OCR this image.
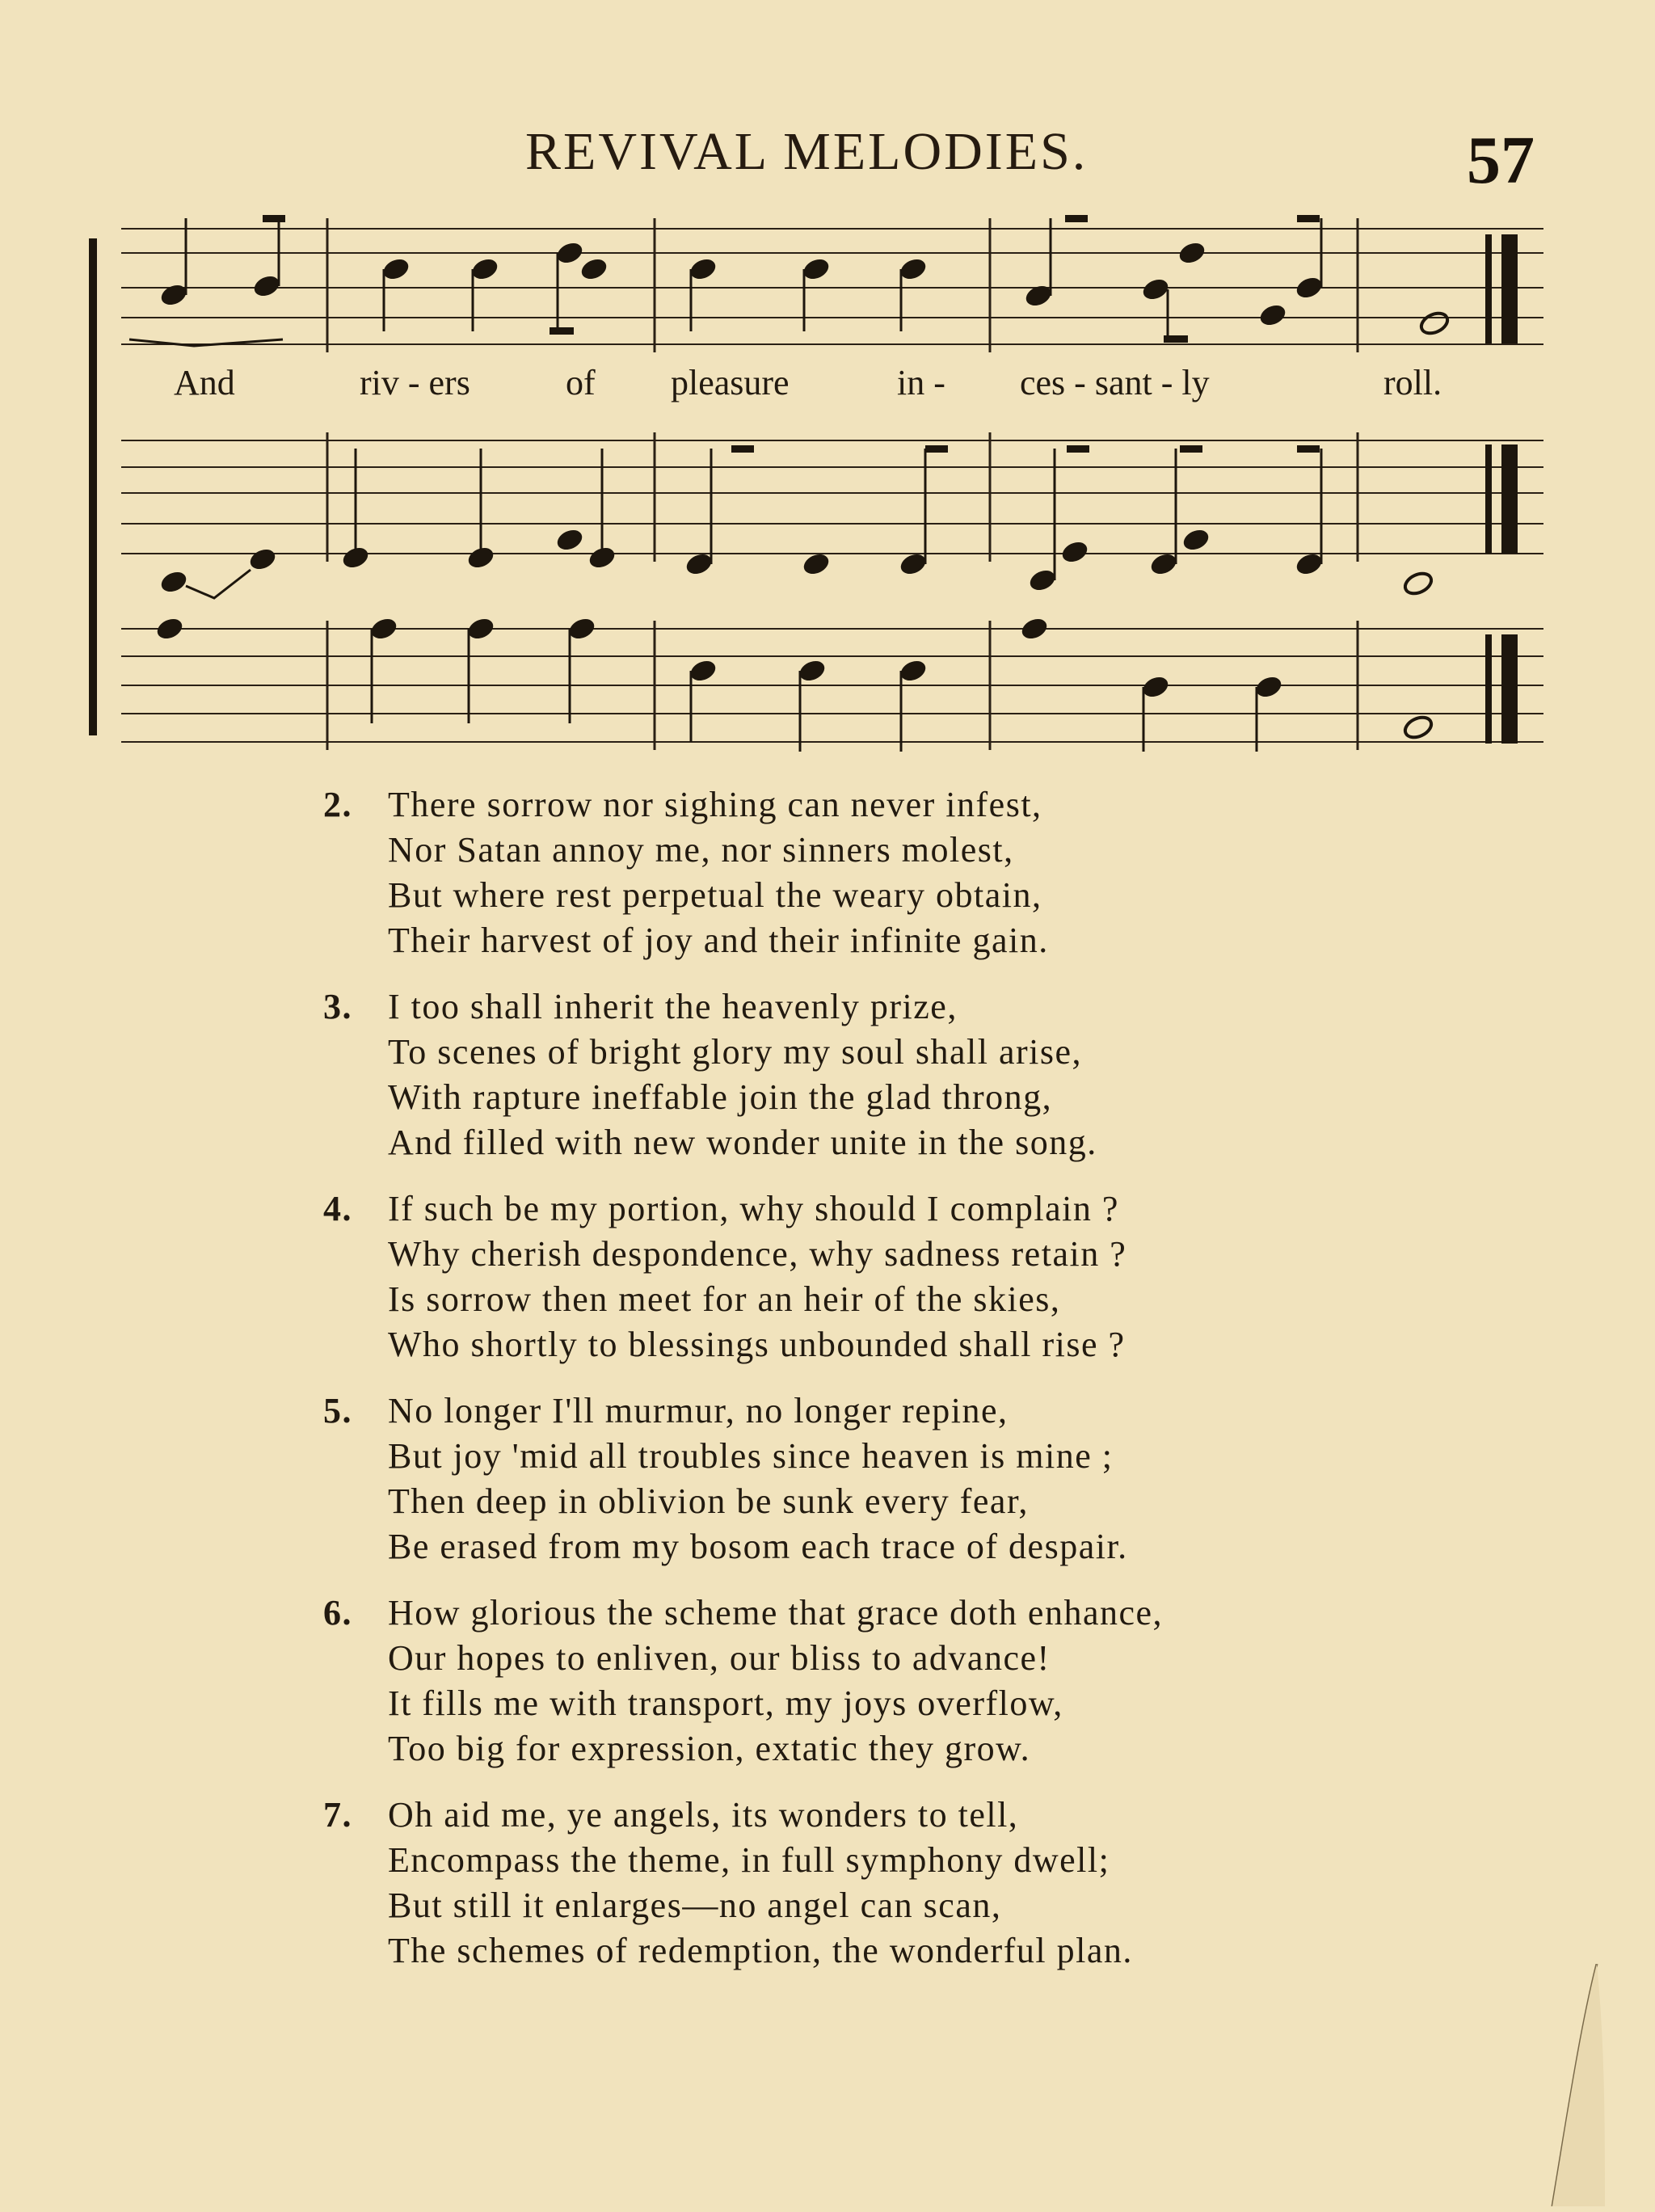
REVIVAL MELODIES.	57
And	riv - ers	of pleasure	in - ces - sant - ly	roll.
2. There sorrow nor sighing can never infest,
Nor Satan annoy me, nor sinners molest,
But where rest perpetual the weary obtain,
Their harvest of joy and their infinite gain.
3. I too shall inherit the heavenly prize,
To scenes of bright glory my soul shall arise,
With rapture ineffable join the glad throng,
And filled with new wonder unite in the song.
4. If such be my portion, why should I complain ?
Why cherish despondence, why sadness retain ?
Is sorrow then meet for an heir of the skies,
Who shortly to blessings unbounded shall rise ?
5. No longer I'll murmur, no longer repine,
But joy 'mid all troubles since heaven is mine ;
Then deep in oblivion be sunk every fear,
Be erased from my bosom each trace of despair.
6. How glorious the scheme that grace doth enhance,
Our hopes to enliven, our bliss to advance!
It fills me with transport, my joys overflow,
Too big for expression, extatic they grow.
7. Oh aid me, ye angels, its wonders to tell,
Encompass the theme, in full symphony dwell;
But still it enlarges—no angel can scan,
The schemes of redemption, the wonderful plan.
